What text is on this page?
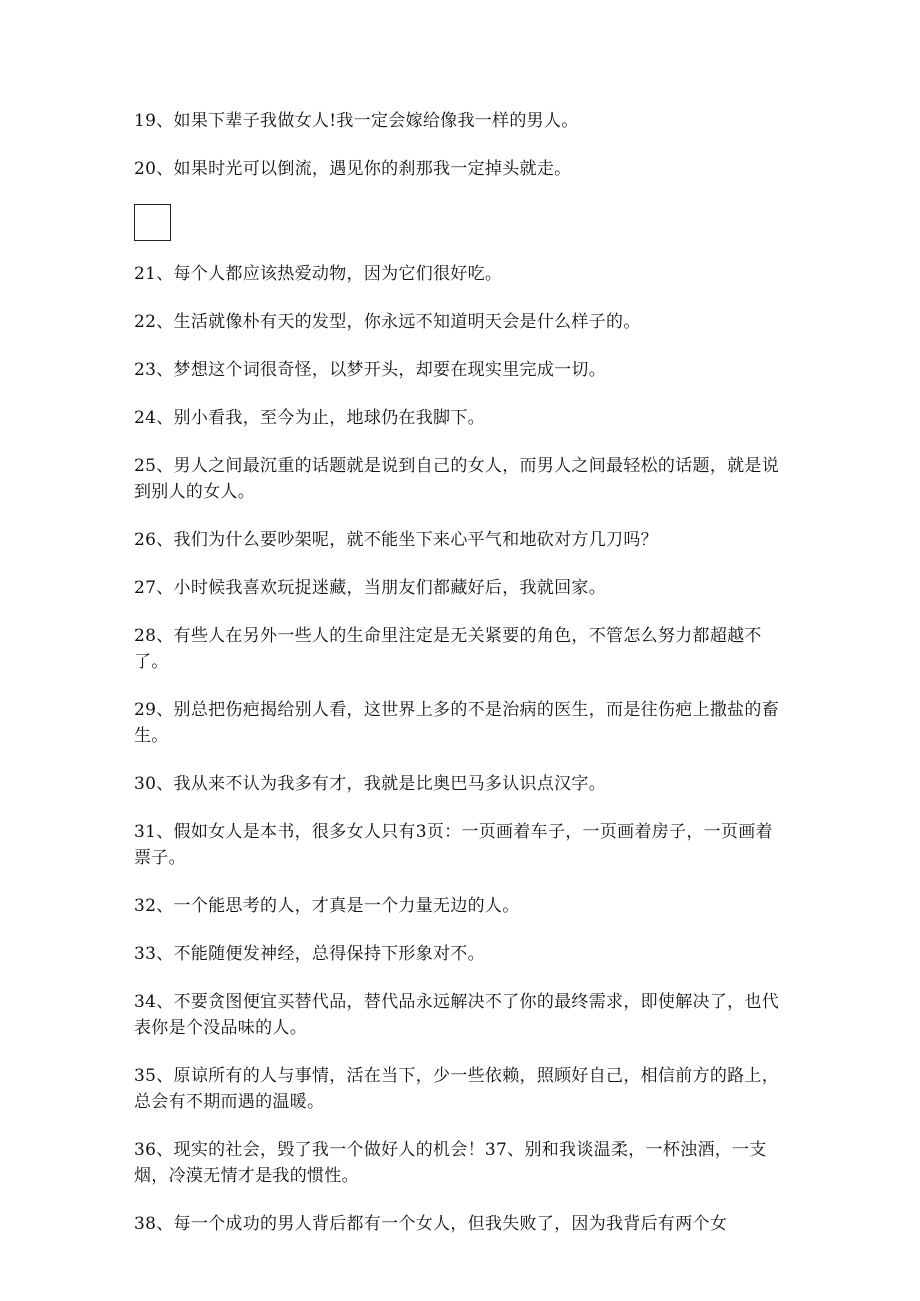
19、如果下辈子我做女人!我一定会嫁给像我一样的男人。

20、如果时光可以倒流，遇见你的刹那我一定掉头就走。

21、每个人都应该热爱动物，因为它们很好吃。

22、生活就像朴有天的发型，你永远不知道明天会是什么样子的。

23、梦想这个词很奇怪，以梦开头，却要在现实里完成一切。

24、别小看我，至今为止，地球仍在我脚下。

25、男人之间最沉重的话题就是说到自己的女人，而男人之间最轻松的话题，就是说到别人的女人。

26、我们为什么要吵架呢，就不能坐下来心平气和地砍对方几刀吗？

27、小时候我喜欢玩捉迷藏，当朋友们都藏好后，我就回家。

28、有些人在另外一些人的生命里注定是无关紧要的角色，不管怎么努力都超越不了。

29、别总把伤疤揭给别人看，这世界上多的不是治病的医生，而是往伤疤上撒盐的畜生。

30、我从来不认为我多有才，我就是比奥巴马多认识点汉字。

31、假如女人是本书，很多女人只有3页：一页画着车子，一页画着房子，一页画着票子。

32、一个能思考的人，才真是一个力量无边的人。

33、不能随便发神经，总得保持下形象对不。

34、不要贪图便宜买替代品，替代品永远解决不了你的最终需求，即使解决了，也代表你是个没品味的人。

35、原谅所有的人与事情，活在当下，少一些依赖，照顾好自己，相信前方的路上，总会有不期而遇的温暖。

36、现实的社会，毁了我一个做好人的机会！37、别和我谈温柔，一杯浊酒，一支烟，冷漠无情才是我的惯性。

38、每一个成功的男人背后都有一个女人，但我失败了，因为我背后有两个女
